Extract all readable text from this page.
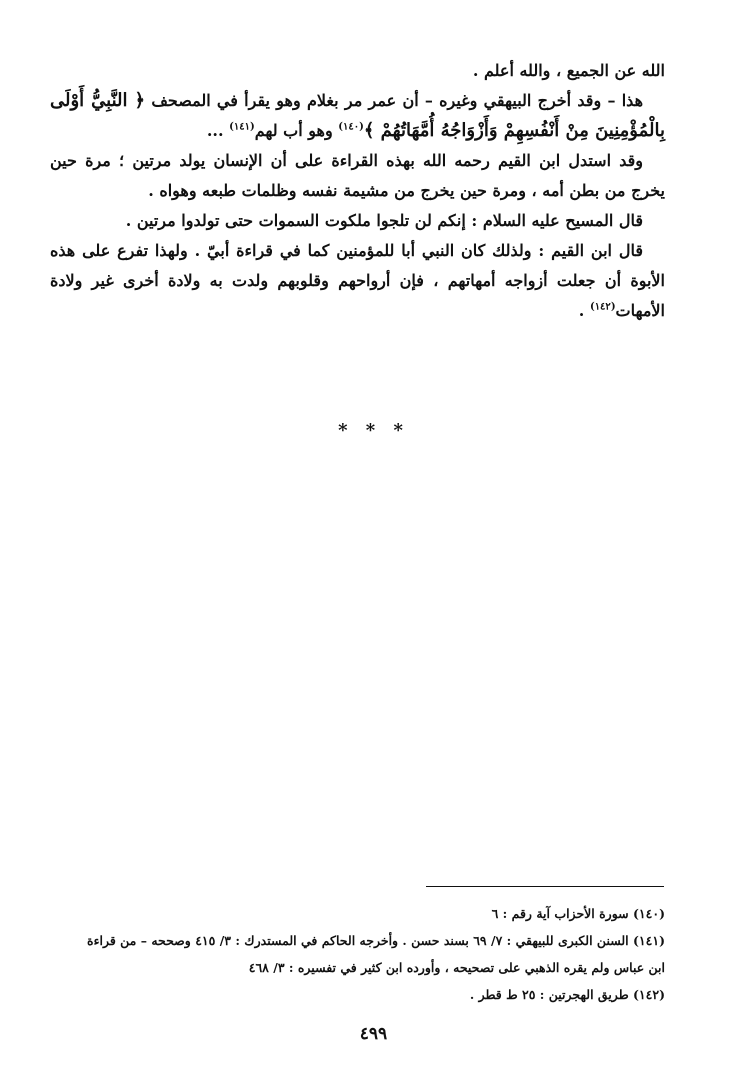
الله عن الجميع ، والله أعلم .

هذا – وقد أخرج البيهقي وغيره – أن عمر مر بغلام وهو يقرأ في المصحف ﴿ النَّبِيُّ أَوْلَى بِالْمُؤْمِنِينَ مِنْ أَنْفُسِهِمْ وَأَزْوَاجُهُ أُمَّهَاتُهُمْ ﴾$^{(١٤٠)}$ وهو أب لهم$^{(١٤١)}$ ...

وقد استدل ابن القيم رحمه الله بهذه القراءة على أن الإنسان يولد مرتين ؛ مرة حين يخرج من بطن أمه ، ومرة حين يخرج من مشيمة نفسه وظلمات طبعه وهواه .

قال المسيح عليه السلام : إنكم لن تلجوا ملكوت السموات حتى تولدوا مرتين .

قال ابن القيم : ولذلك كان النبي أبا للمؤمنين كما في قراءة أبيّ . ولهذا تفرع على هذه الأبوة أن جعلت أزواجه أمهاتهم ، فإن أرواحهم وقلوبهم ولدت به ولادة أخرى غير ولادة الأمهات$^{(١٤٢)}$ .

* * *

(١٤٠) سورة الأحزاب آية رقم : ٦

(١٤١) السنن الكبرى للبيهقي : ٧/ ٦٩ بسند حسن . وأخرجه الحاكم في المستدرك : ٣/ ٤١٥ وصححه – من قراءة

ابن عباس ولم يقره الذهبي على تصحيحه ، وأورده ابن كثير في تفسيره : ٣/ ٤٦٨

(١٤٢) طريق الهجرتين : ٢٥ ط قطر .

٤٩٩
